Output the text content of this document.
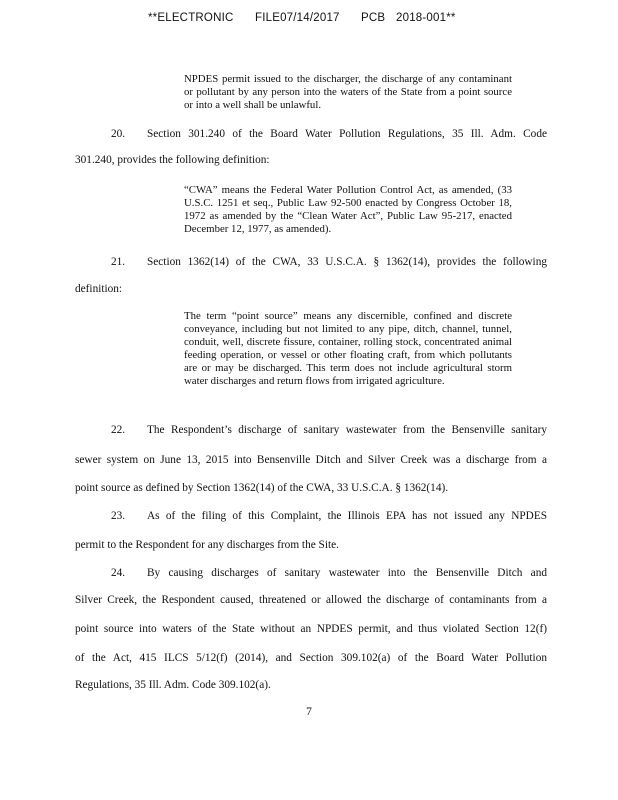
**ELECTRONIC FILE07/14/2017 PCB 2018-001**
NPDES permit issued to the discharger, the discharge of any contaminant or pollutant by any person into the waters of the State from a point source or into a well shall be unlawful.
20. Section 301.240 of the Board Water Pollution Regulations, 35 Ill. Adm. Code
301.240, provides the following definition:
“CWA” means the Federal Water Pollution Control Act, as amended, (33 U.S.C. 1251 et seq., Public Law 92-500 enacted by Congress October 18, 1972 as amended by the “Clean Water Act”, Public Law 95-217, enacted December 12, 1977, as amended).
21. Section 1362(14) of the CWA, 33 U.S.C.A. § 1362(14), provides the following
definition:
The term “point source” means any discernible, confined and discrete conveyance, including but not limited to any pipe, ditch, channel, tunnel, conduit, well, discrete fissure, container, rolling stock, concentrated animal feeding operation, or vessel or other floating craft, from which pollutants are or may be discharged. This term does not include agricultural storm water discharges and return flows from irrigated agriculture.
22. The Respondent’s discharge of sanitary wastewater from the Bensenville sanitary
sewer system on June 13, 2015 into Bensenville Ditch and Silver Creek was a discharge from a
point source as defined by Section 1362(14) of the CWA, 33 U.S.C.A. § 1362(14).
23. As of the filing of this Complaint, the Illinois EPA has not issued any NPDES
permit to the Respondent for any discharges from the Site.
24. By causing discharges of sanitary wastewater into the Bensenville Ditch and
Silver Creek, the Respondent caused, threatened or allowed the discharge of contaminants from a
point source into waters of the State without an NPDES permit, and thus violated Section 12(f)
of the Act, 415 ILCS 5/12(f) (2014), and Section 309.102(a) of the Board Water Pollution
Regulations, 35 Ill. Adm. Code 309.102(a).
7
